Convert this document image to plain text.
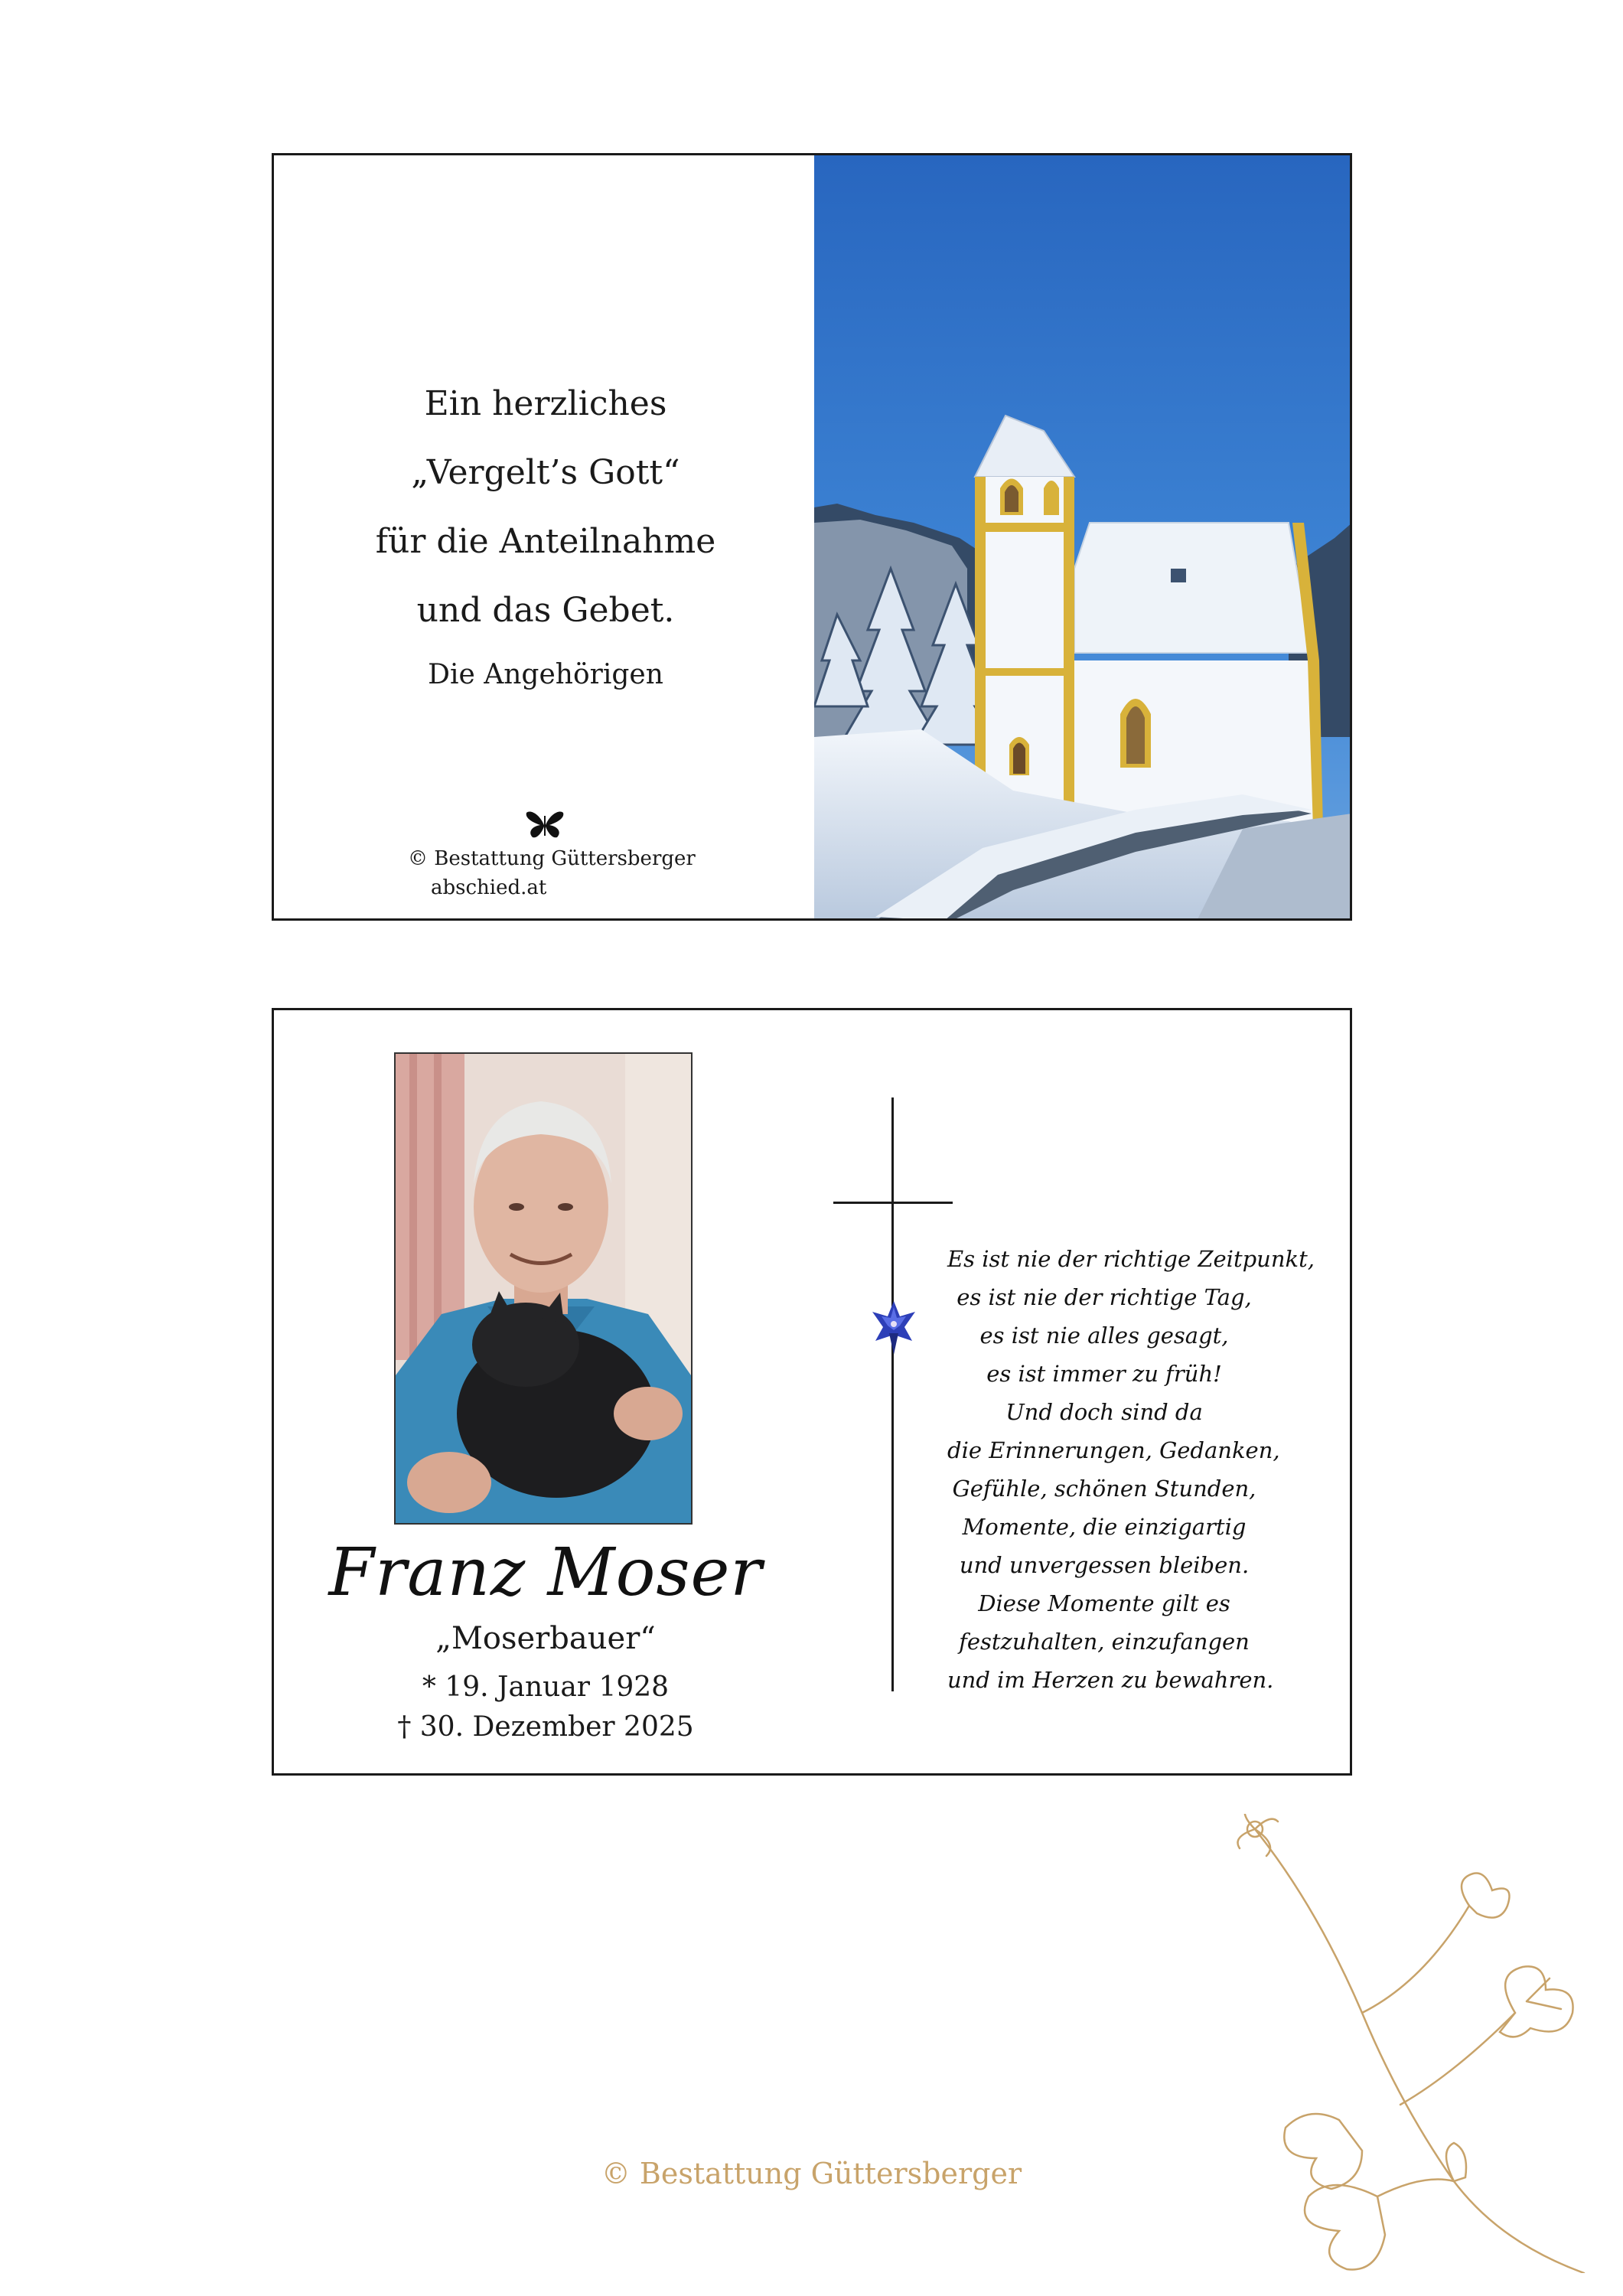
Ein herzliches
„Vergelt’s Gott“
für die Anteilnahme
und das Gebet.
Die Angehörigen
© Bestattung Güttersberger
abschied.at
Franz Moser
„Moserbauer“
* 19. Januar 1928
† 30. Dezember 2025
Es ist nie der richtige Zeitpunkt,
es ist nie der richtige Tag,
es ist nie alles gesagt,
es ist immer zu früh!
Und doch sind da
die Erinnerungen, Gedanken,
Gefühle, schönen Stunden,
Momente, die einzigartig
und unvergessen bleiben.
Diese Momente gilt es
festzuhalten, einzufangen
und im Herzen zu bewahren.
© Bestattung Güttersberger
